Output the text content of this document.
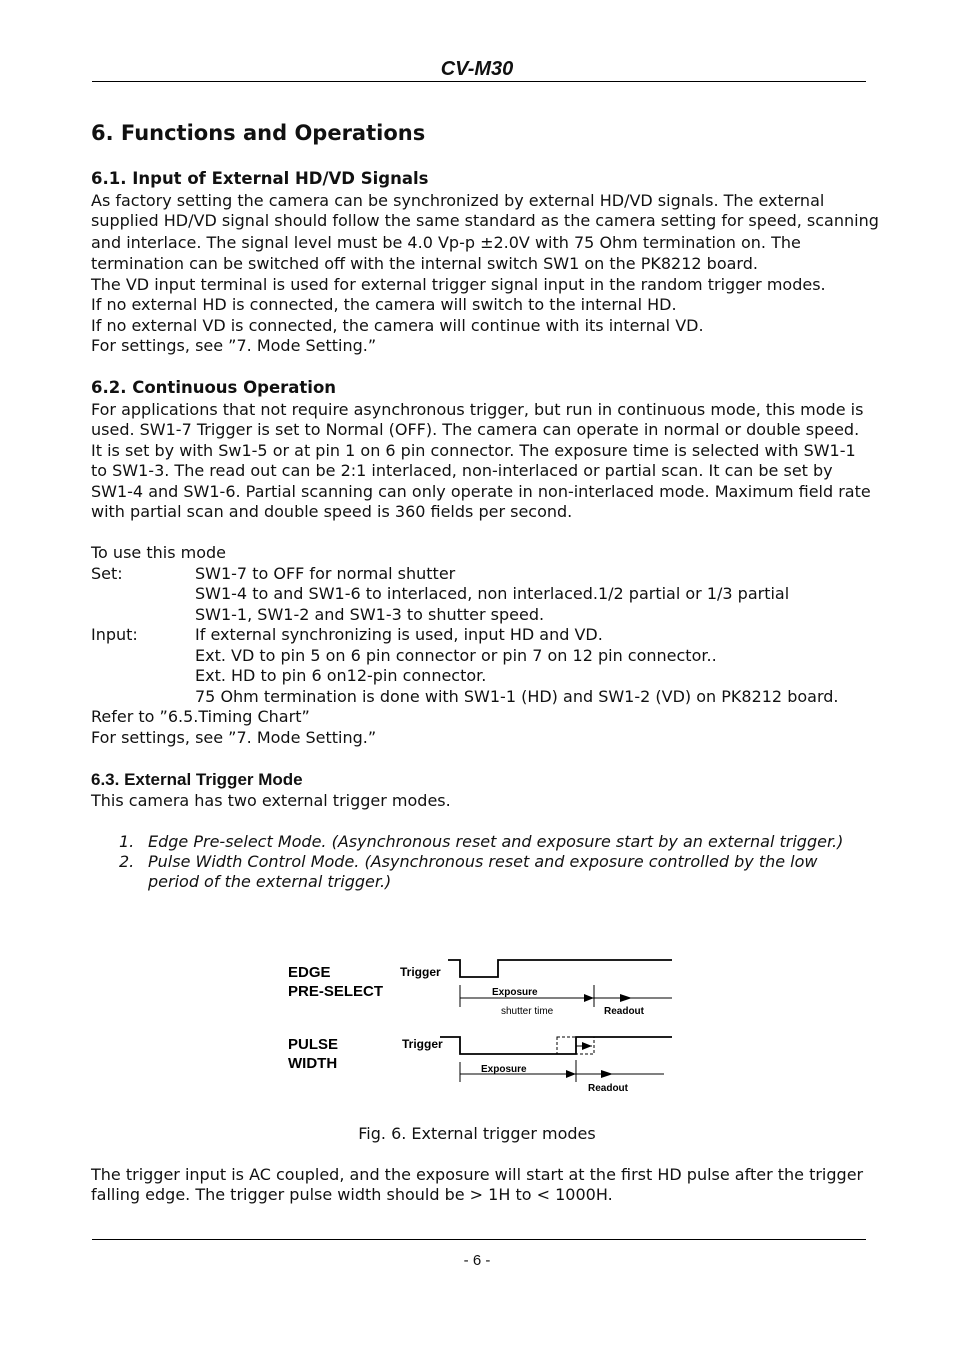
CV-M30
6. Functions and Operations
6.1. Input of External HD/VD Signals
As factory setting the camera can be synchronized by external HD/VD signals. The external
supplied HD/VD signal should follow the same standard as the camera setting for speed, scanning
and interlace. The signal level must be 4.0 Vp-p ±2.0V with 75 Ohm termination on. The
termination can be switched off with the internal switch SW1 on the PK8212 board.
The VD input terminal is used for external trigger signal input in the random trigger modes.
If no external HD is connected, the camera will switch to the internal HD.
If no external VD is connected, the camera will continue with its internal VD.
For settings, see ”7. Mode Setting.”
6.2. Continuous Operation
For applications that not require asynchronous trigger, but run in continuous mode, this mode is
used. SW1-7 Trigger is set to Normal (OFF). The camera can operate in normal or double speed.
It is set by with Sw1-5 or at pin 1 on 6 pin connector. The exposure time is selected with SW1-1
to SW1-3. The read out can be 2:1 interlaced, non-interlaced or partial scan. It can be set by
SW1-4 and SW1-6. Partial scanning can only operate in non-interlaced mode. Maximum field rate
with partial scan and double speed is 360 fields per second.
To use this mode
Set:	SW1-7 to OFF for normal shutter
SW1-4 to and SW1-6 to interlaced, non interlaced.1/2 partial or 1/3 partial
SW1-1, SW1-2 and SW1-3 to shutter speed.
Input:	If external synchronizing is used, input HD and VD.
Ext. VD to pin 5 on 6 pin connector or pin 7 on 12 pin connector..
Ext. HD to pin 6 on12-pin connector.
75 Ohm termination is done with SW1-1 (HD) and SW1-2 (VD) on PK8212 board.
Refer to ”6.5.Timing Chart”
For settings, see ”7. Mode Setting.”
6.3. External Trigger Mode
This camera has two external trigger modes.
1. Edge Pre-select Mode. (Asynchronous reset and exposure start by an external trigger.)
2. Pulse Width Control Mode. (Asynchronous reset and exposure controlled by the low
period of the external trigger.)
EDGE
PRE-SELECT
Trigger
Exposure
shutter time	Readout
PULSE
WIDTH
Trigger
Exposure
Readout
Fig. 6. External trigger modes
The trigger input is AC coupled, and the exposure will start at the first HD pulse after the trigger
falling edge. The trigger pulse width should be > 1H to < 1000H.
- 6 -
